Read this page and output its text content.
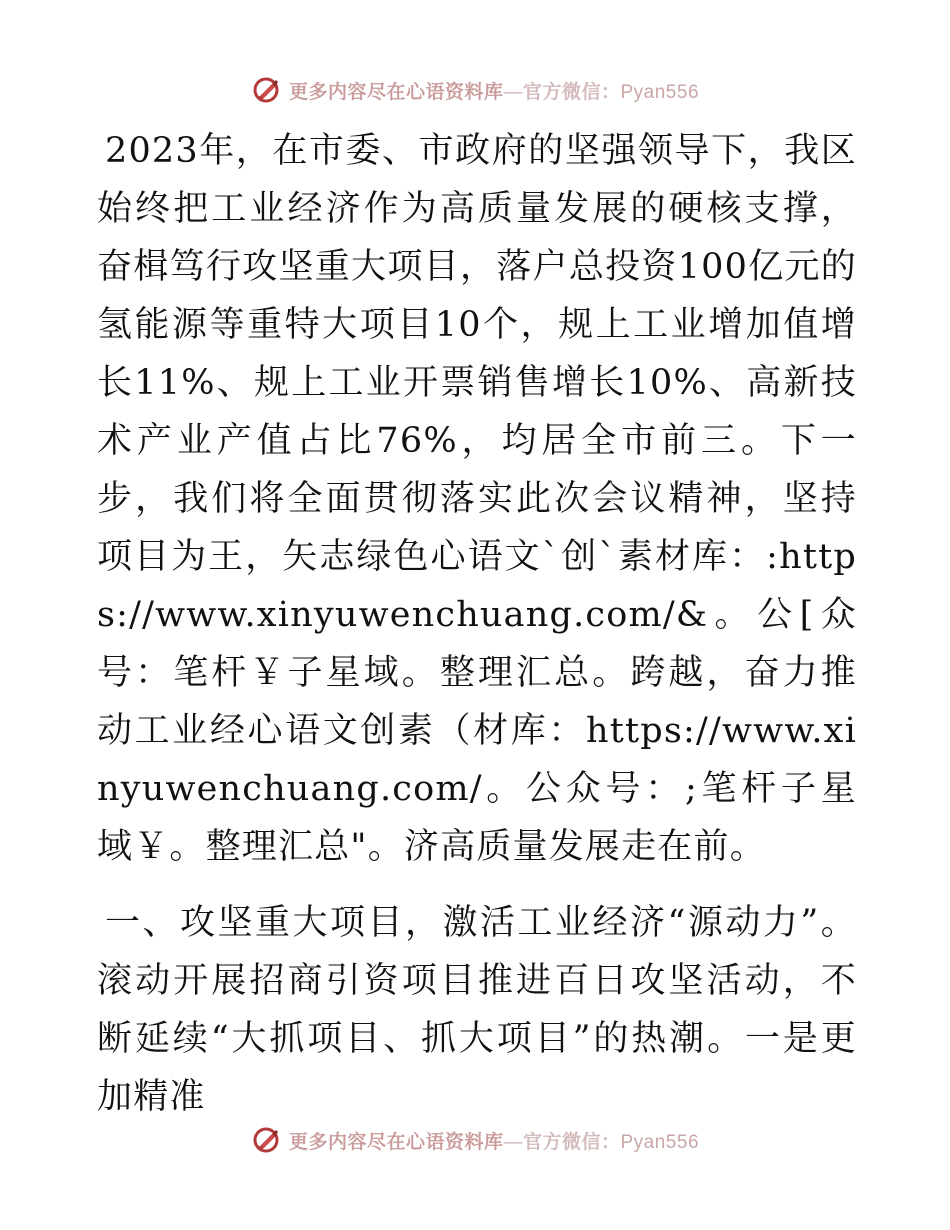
更多内容尽在心语资料库—官方微信：Pyan556

2023年，在市委、市政府的坚强领导下，我区始终把工业经济作为高质量发展的硬核支撑，奋楫笃行攻坚重大项目，落户总投资100亿元的氢能源等重特大项目10个，规上工业增加值增长11%、规上工业开票销售增长10%、高新技术产业产值占比76%，均居全市前三。下一步，我们将全面贯彻落实此次会议精神，坚持项目为王，矢志绿色心语文`创`素材库：:https://www.xinyuwenchuang.com/&。公[众号：笔杆￥子星域。整理汇总。跨越，奋力推动工业经心语文创素（材库：https://www.xinyuwenchuang.com/。公众号：;笔杆子星域￥。整理汇总"。济高质量发展走在前。

一、攻坚重大项目，激活工业经济“源动力”。滚动开展招商引资项目推进百日攻坚活动，不断延续“大抓项目、抓大项目”的热潮。一是更加精准

更多内容尽在心语资料库—官方微信：Pyan556
